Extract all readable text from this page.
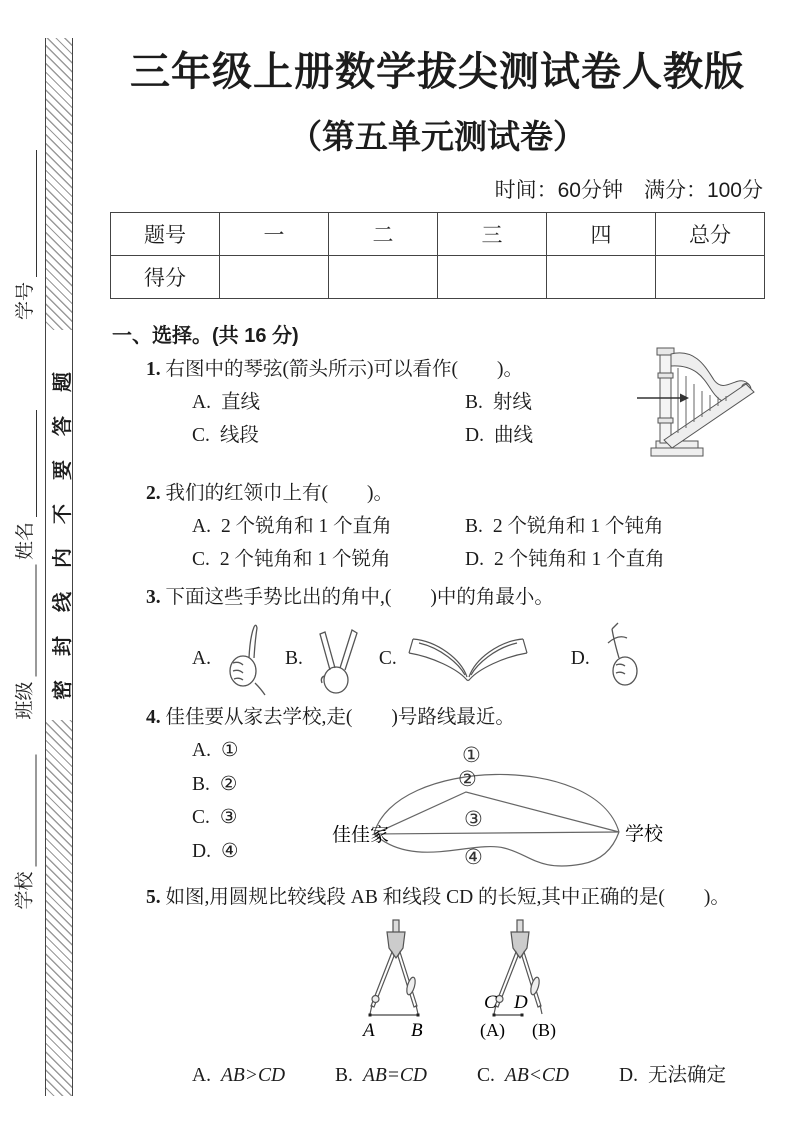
学号
姓名
班级
学校
密封线内不要答题
三年级上册数学拔尖测试卷人教版
（第五单元测试卷）
时间：60分钟　满分：100分
题号	一	二	三	四	总分
得分					
一、选择。(共 16 分)
1. 右图中的琴弦(箭头所示)可以看作(　　)。
A. 直线	B. 射线
C. 线段	D. 曲线
2. 我们的红领巾上有(　　)。
A. 2 个锐角和 1 个直角	B. 2 个锐角和 1 个钝角
C. 2 个钝角和 1 个锐角	D. 2 个钝角和 1 个直角
3. 下面这些手势比出的角中,(　　)中的角最小。
A.	B.	C.	D.
4. 佳佳要从家去学校,走(　　)号路线最近。
A. ①
B. ②
C. ③
D. ④
①
②
③
④
佳佳家	学校
5. 如图,用圆规比较线段 AB 和线段 CD 的长短,其中正确的是(　　)。
A B
C D
(A) (B)
A. AB>CD	B. AB=CD	C. AB<CD	D. 无法确定
